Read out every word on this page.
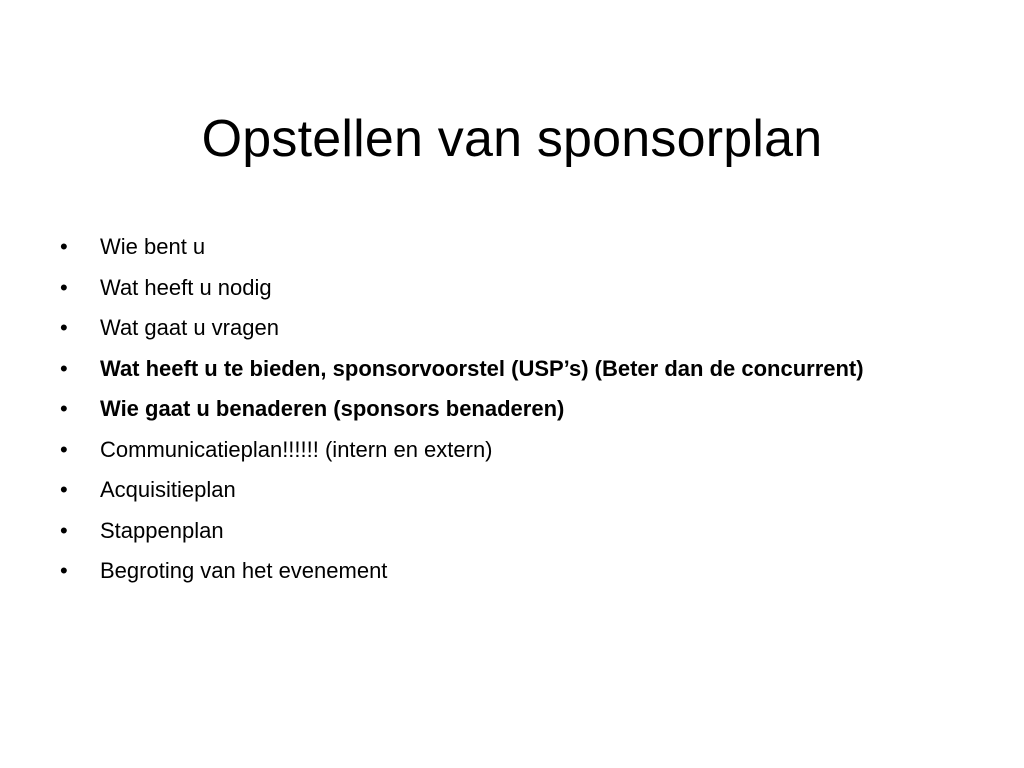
Opstellen van sponsorplan
•	Wie bent u
•	Wat heeft u nodig
•	Wat gaat u vragen
•	Wat heeft u te bieden, sponsorvoorstel (USP’s) (Beter dan de concurrent)
•	Wie gaat u benaderen (sponsors benaderen)
•	Communicatieplan!!!!!! (intern en extern)
•	Acquisitieplan
•	Stappenplan
•	Begroting van het evenement
